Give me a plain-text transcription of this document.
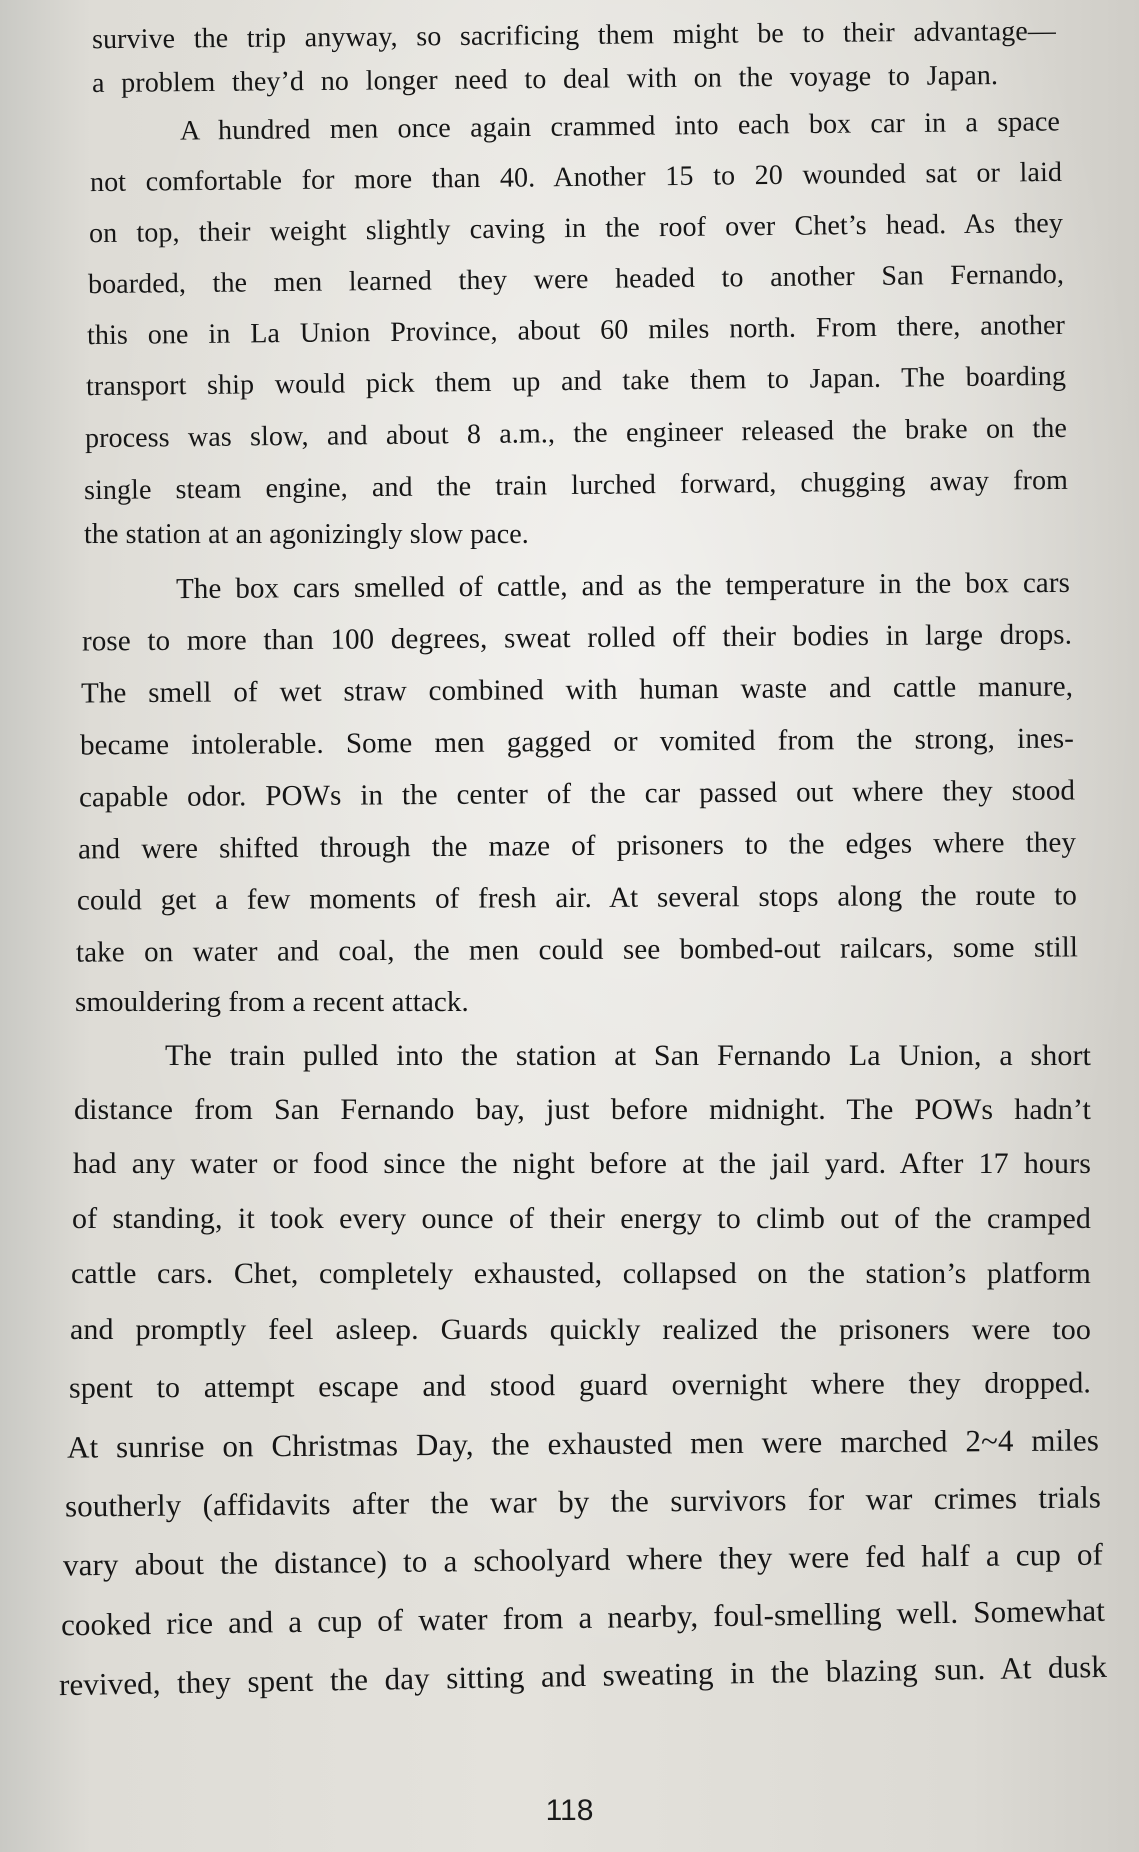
survive the trip anyway, so sacrificing them might be to their advantage—

a problem they’d no longer need to deal with on the voyage to Japan.

A hundred men once again crammed into each box car in a space

not comfortable for more than 40. Another 15 to 20 wounded sat or laid

on top, their weight slightly caving in the roof over Chet’s head. As they

boarded, the men learned they were headed to another San Fernando,

this one in La Union Province, about 60 miles north. From there, another

transport ship would pick them up and take them to Japan. The boarding

process was slow, and about 8 a.m., the engineer released the brake on the

single steam engine, and the train lurched forward, chugging away from

the station at an agonizingly slow pace.

The box cars smelled of cattle, and as the temperature in the box cars

rose to more than 100 degrees, sweat rolled off their bodies in large drops.

The smell of wet straw combined with human waste and cattle manure,

became intolerable. Some men gagged or vomited from the strong, ines-

capable odor. POWs in the center of the car passed out where they stood

and were shifted through the maze of prisoners to the edges where they

could get a few moments of fresh air. At several stops along the route to

take on water and coal, the men could see bombed-out railcars, some still

smouldering from a recent attack.

The train pulled into the station at San Fernando La Union, a short

distance from San Fernando bay, just before midnight. The POWs hadn’t

had any water or food since the night before at the jail yard. After 17 hours

of standing, it took every ounce of their energy to climb out of the cramped

cattle cars. Chet, completely exhausted, collapsed on the station’s platform

and promptly feel asleep. Guards quickly realized the prisoners were too

spent to attempt escape and stood guard overnight where they dropped.

At sunrise on Christmas Day, the exhausted men were marched 2~4 miles

southerly (affidavits after the war by the survivors for war crimes trials

vary about the distance) to a schoolyard where they were fed half a cup of

cooked rice and a cup of water from a nearby, foul-smelling well. Somewhat

revived, they spent the day sitting and sweating in the blazing sun. At dusk

118
